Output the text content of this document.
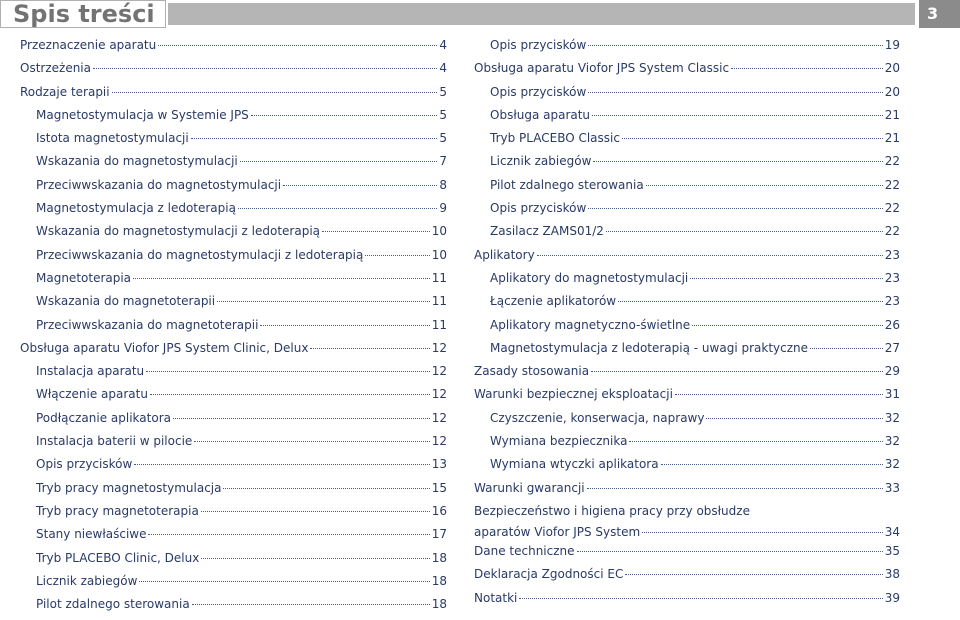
Spis treści	3
Przeznaczenie aparatu	4
Ostrzeżenia	4
Rodzaje terapii	5
Magnetostymulacja w Systemie JPS	5
Istota magnetostymulacji	5
Wskazania do magnetostymulacji	7
Przeciwwskazania do magnetostymulacji	8
Magnetostymulacja z ledoterapią	9
Wskazania do magnetostymulacji z ledoterapią	10
Przeciwwskazania do magnetostymulacji z ledoterapią	10
Magnetoterapia	11
Wskazania do magnetoterapii	11
Przeciwwskazania do magnetoterapii	11
Obsługa aparatu Viofor JPS System Clinic, Delux	12
Instalacja aparatu	12
Włączenie aparatu	12
Podłączanie aplikatora	12
Instalacja baterii w pilocie	12
Opis przycisków	13
Tryb pracy magnetostymulacja	15
Tryb pracy magnetoterapia	16
Stany niewłaściwe	17
Tryb PLACEBO Clinic, Delux	18
Licznik zabiegów	18
Pilot zdalnego sterowania	18
Opis przycisków	19
Obsługa aparatu Viofor JPS System Classic	20
Opis przycisków	20
Obsługa aparatu	21
Tryb PLACEBO Classic	21
Licznik zabiegów	22
Pilot zdalnego sterowania	22
Opis przycisków	22
Zasilacz ZAMS01/2	22
Aplikatory	23
Aplikatory do magnetostymulacji	23
Łączenie aplikatorów	23
Aplikatory magnetyczno-świetlne	26
Magnetostymulacja z ledoterapią - uwagi praktyczne	27
Zasady stosowania	29
Warunki bezpiecznej eksploatacji	31
Czyszczenie, konserwacja, naprawy	32
Wymiana bezpiecznika	32
Wymiana wtyczki aplikatora	32
Warunki gwarancji	33
Bezpieczeństwo i higiena pracy przy obsłudze
aparatów Viofor JPS System	34
Dane techniczne	35
Deklaracja Zgodności EC	38
Notatki	39
